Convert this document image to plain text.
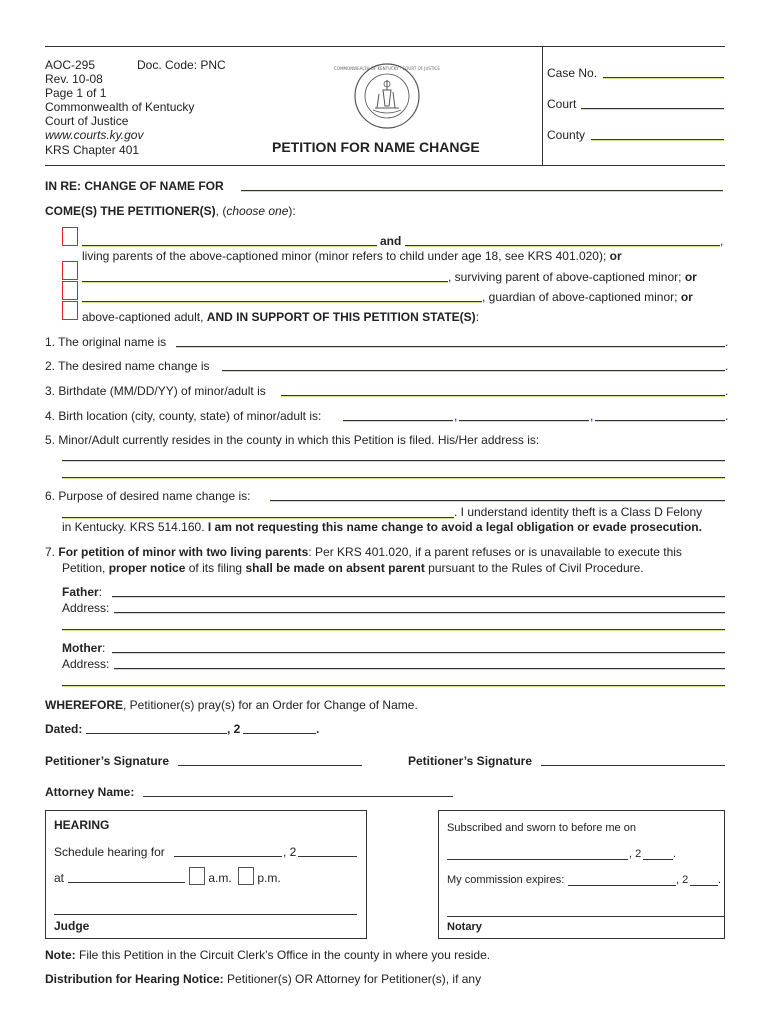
AOC-295	Doc. Code: PNC
Rev. 10-08
Page 1 of 1
Commonwealth of Kentucky
Court of Justice
www.courts.ky.gov
KRS Chapter 401
COMMONWEALTH OF KENTUCKY · COURT OF JUSTICE
PETITION FOR NAME CHANGE
Case No.
Court
County
IN RE: CHANGE OF NAME FOR
COME(S) THE PETITIONER(S), (choose one):
and	,
living parents of the above-captioned minor (minor refers to child under age 18, see KRS 401.020); or
, surviving parent of above-captioned minor; or
, guardian of above-captioned minor; or
above-captioned adult, AND IN SUPPORT OF THIS PETITION STATE(S):
1. The original name is	.
2. The desired name change is	.
3. Birthdate (MM/DD/YY) of minor/adult is	.
4. Birth location (city, county, state) of minor/adult is:	,	,	.
5. Minor/Adult currently resides in the county in which this Petition is filed. His/Her address is:
6. Purpose of desired name change is:
. I understand identity theft is a Class D Felony
in Kentucky. KRS 514.160. I am not requesting this name change to avoid a legal obligation or evade prosecution.
7. For petition of minor with two living parents: Per KRS 401.020, if a parent refuses or is unavailable to execute this
Petition, proper notice of its filing shall be made on absent parent pursuant to the Rules of Civil Procedure.
Father:
Address:
Mother:
Address:
WHEREFORE, Petitioner(s) pray(s) for an Order for Change of Name.
Dated:	, 2	.
Petitioner’s Signature	Petitioner’s Signature
Attorney Name:
HEARING
Schedule hearing for	, 2
at	a.m.	p.m.
Judge
Subscribed and sworn to before me on
, 2	.
My commission expires:	, 2	.
Notary
Note: File this Petition in the Circuit Clerk’s Office in the county in where you reside.
Distribution for Hearing Notice: Petitioner(s) OR Attorney for Petitioner(s), if any
